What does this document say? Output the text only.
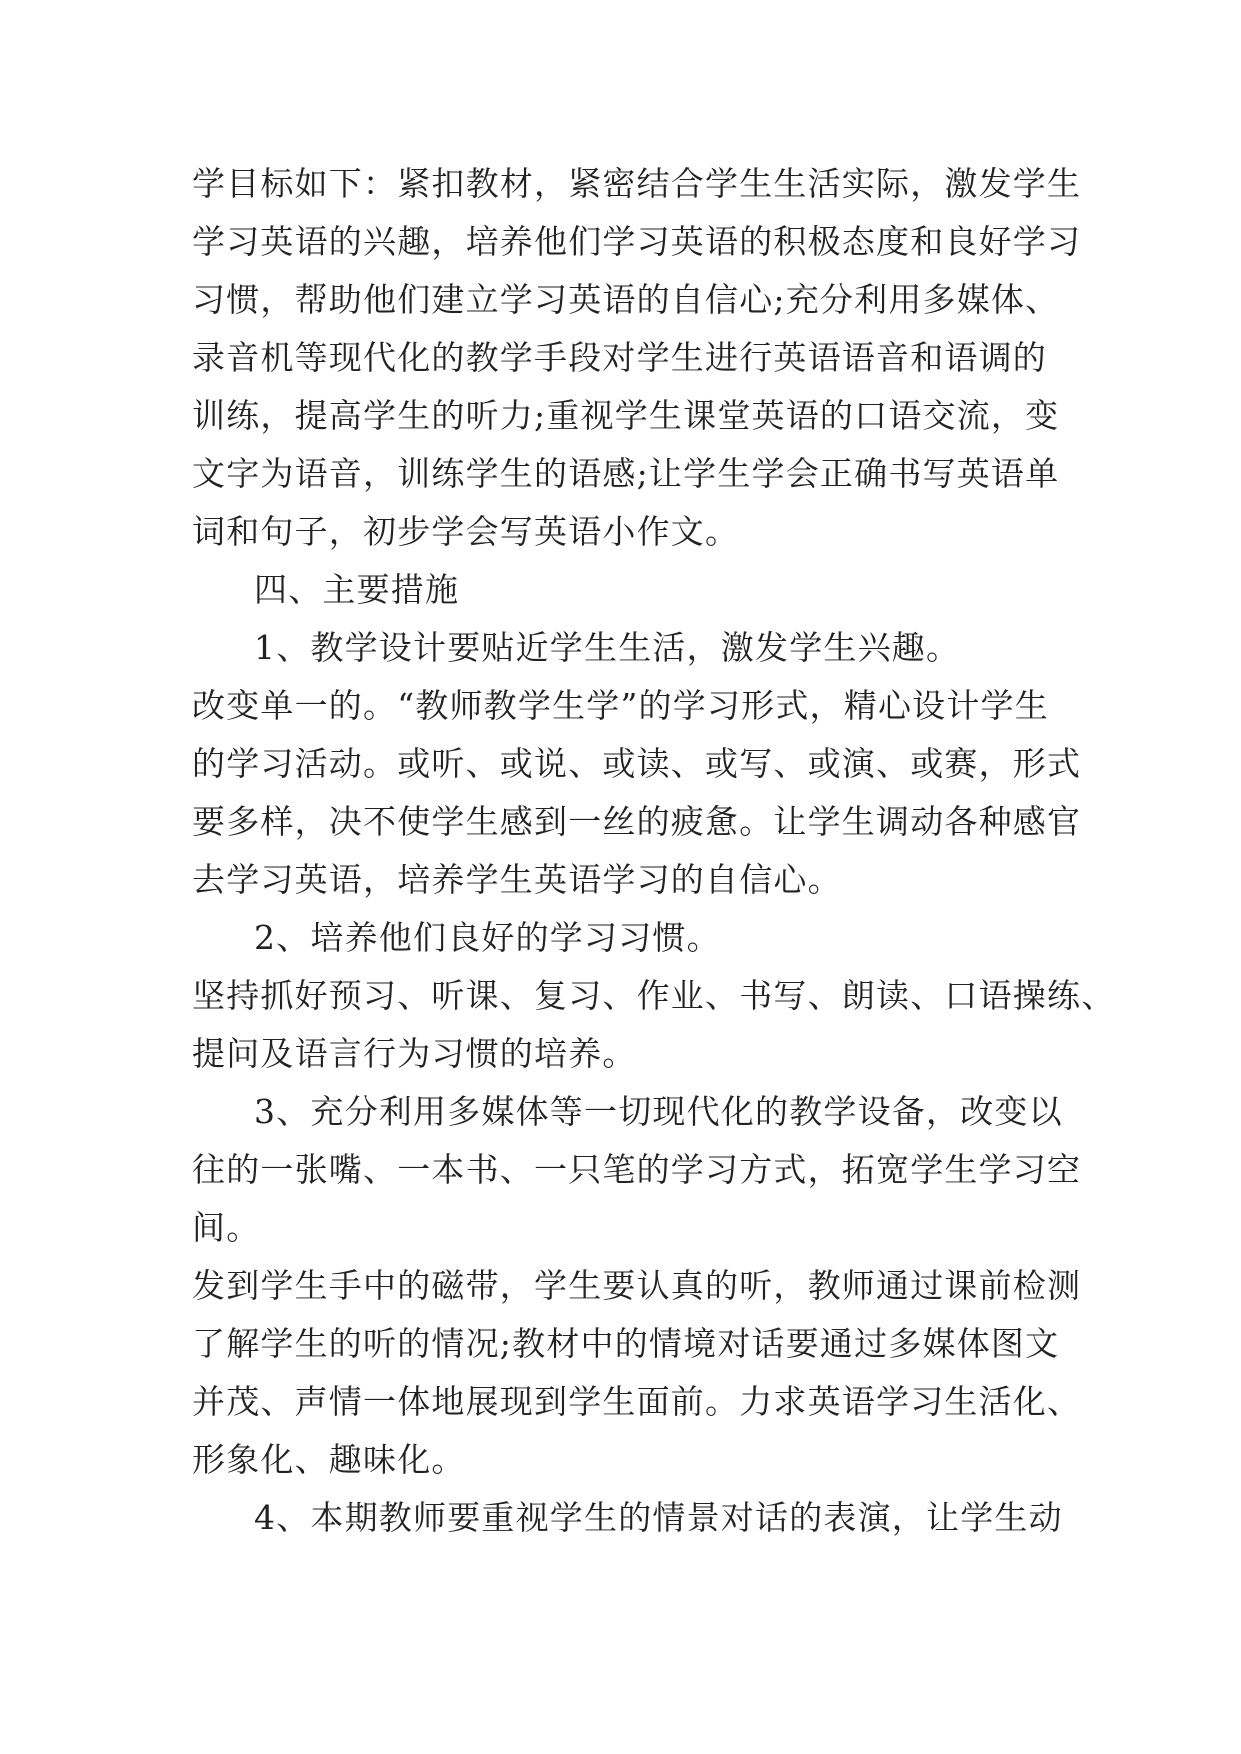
学目标如下：紧扣教材，紧密结合学生生活实际，激发学生
学习英语的兴趣，培养他们学习英语的积极态度和良好学习
习惯，帮助他们建立学习英语的自信心;充分利用多媒体、
录音机等现代化的教学手段对学生进行英语语音和语调的
训练，提高学生的听力;重视学生课堂英语的口语交流，变
文字为语音，训练学生的语感;让学生学会正确书写英语单
词和句子，初步学会写英语小作文。
四、主要措施
1、教学设计要贴近学生生活，激发学生兴趣。
改变单一的。“教师教学生学”的学习形式，精心设计学生
的学习活动。或听、或说、或读、或写、或演、或赛，形式
要多样，决不使学生感到一丝的疲惫。让学生调动各种感官
去学习英语，培养学生英语学习的自信心。
2、培养他们良好的学习习惯。
坚持抓好预习、听课、复习、作业、书写、朗读、口语操练、
提问及语言行为习惯的培养。
3、充分利用多媒体等一切现代化的教学设备，改变以
往的一张嘴、一本书、一只笔的学习方式，拓宽学生学习空
间。
发到学生手中的磁带，学生要认真的听，教师通过课前检测
了解学生的听的情况;教材中的情境对话要通过多媒体图文
并茂、声情一体地展现到学生面前。力求英语学习生活化、
形象化、趣味化。
4、本期教师要重视学生的情景对话的表演，让学生动
